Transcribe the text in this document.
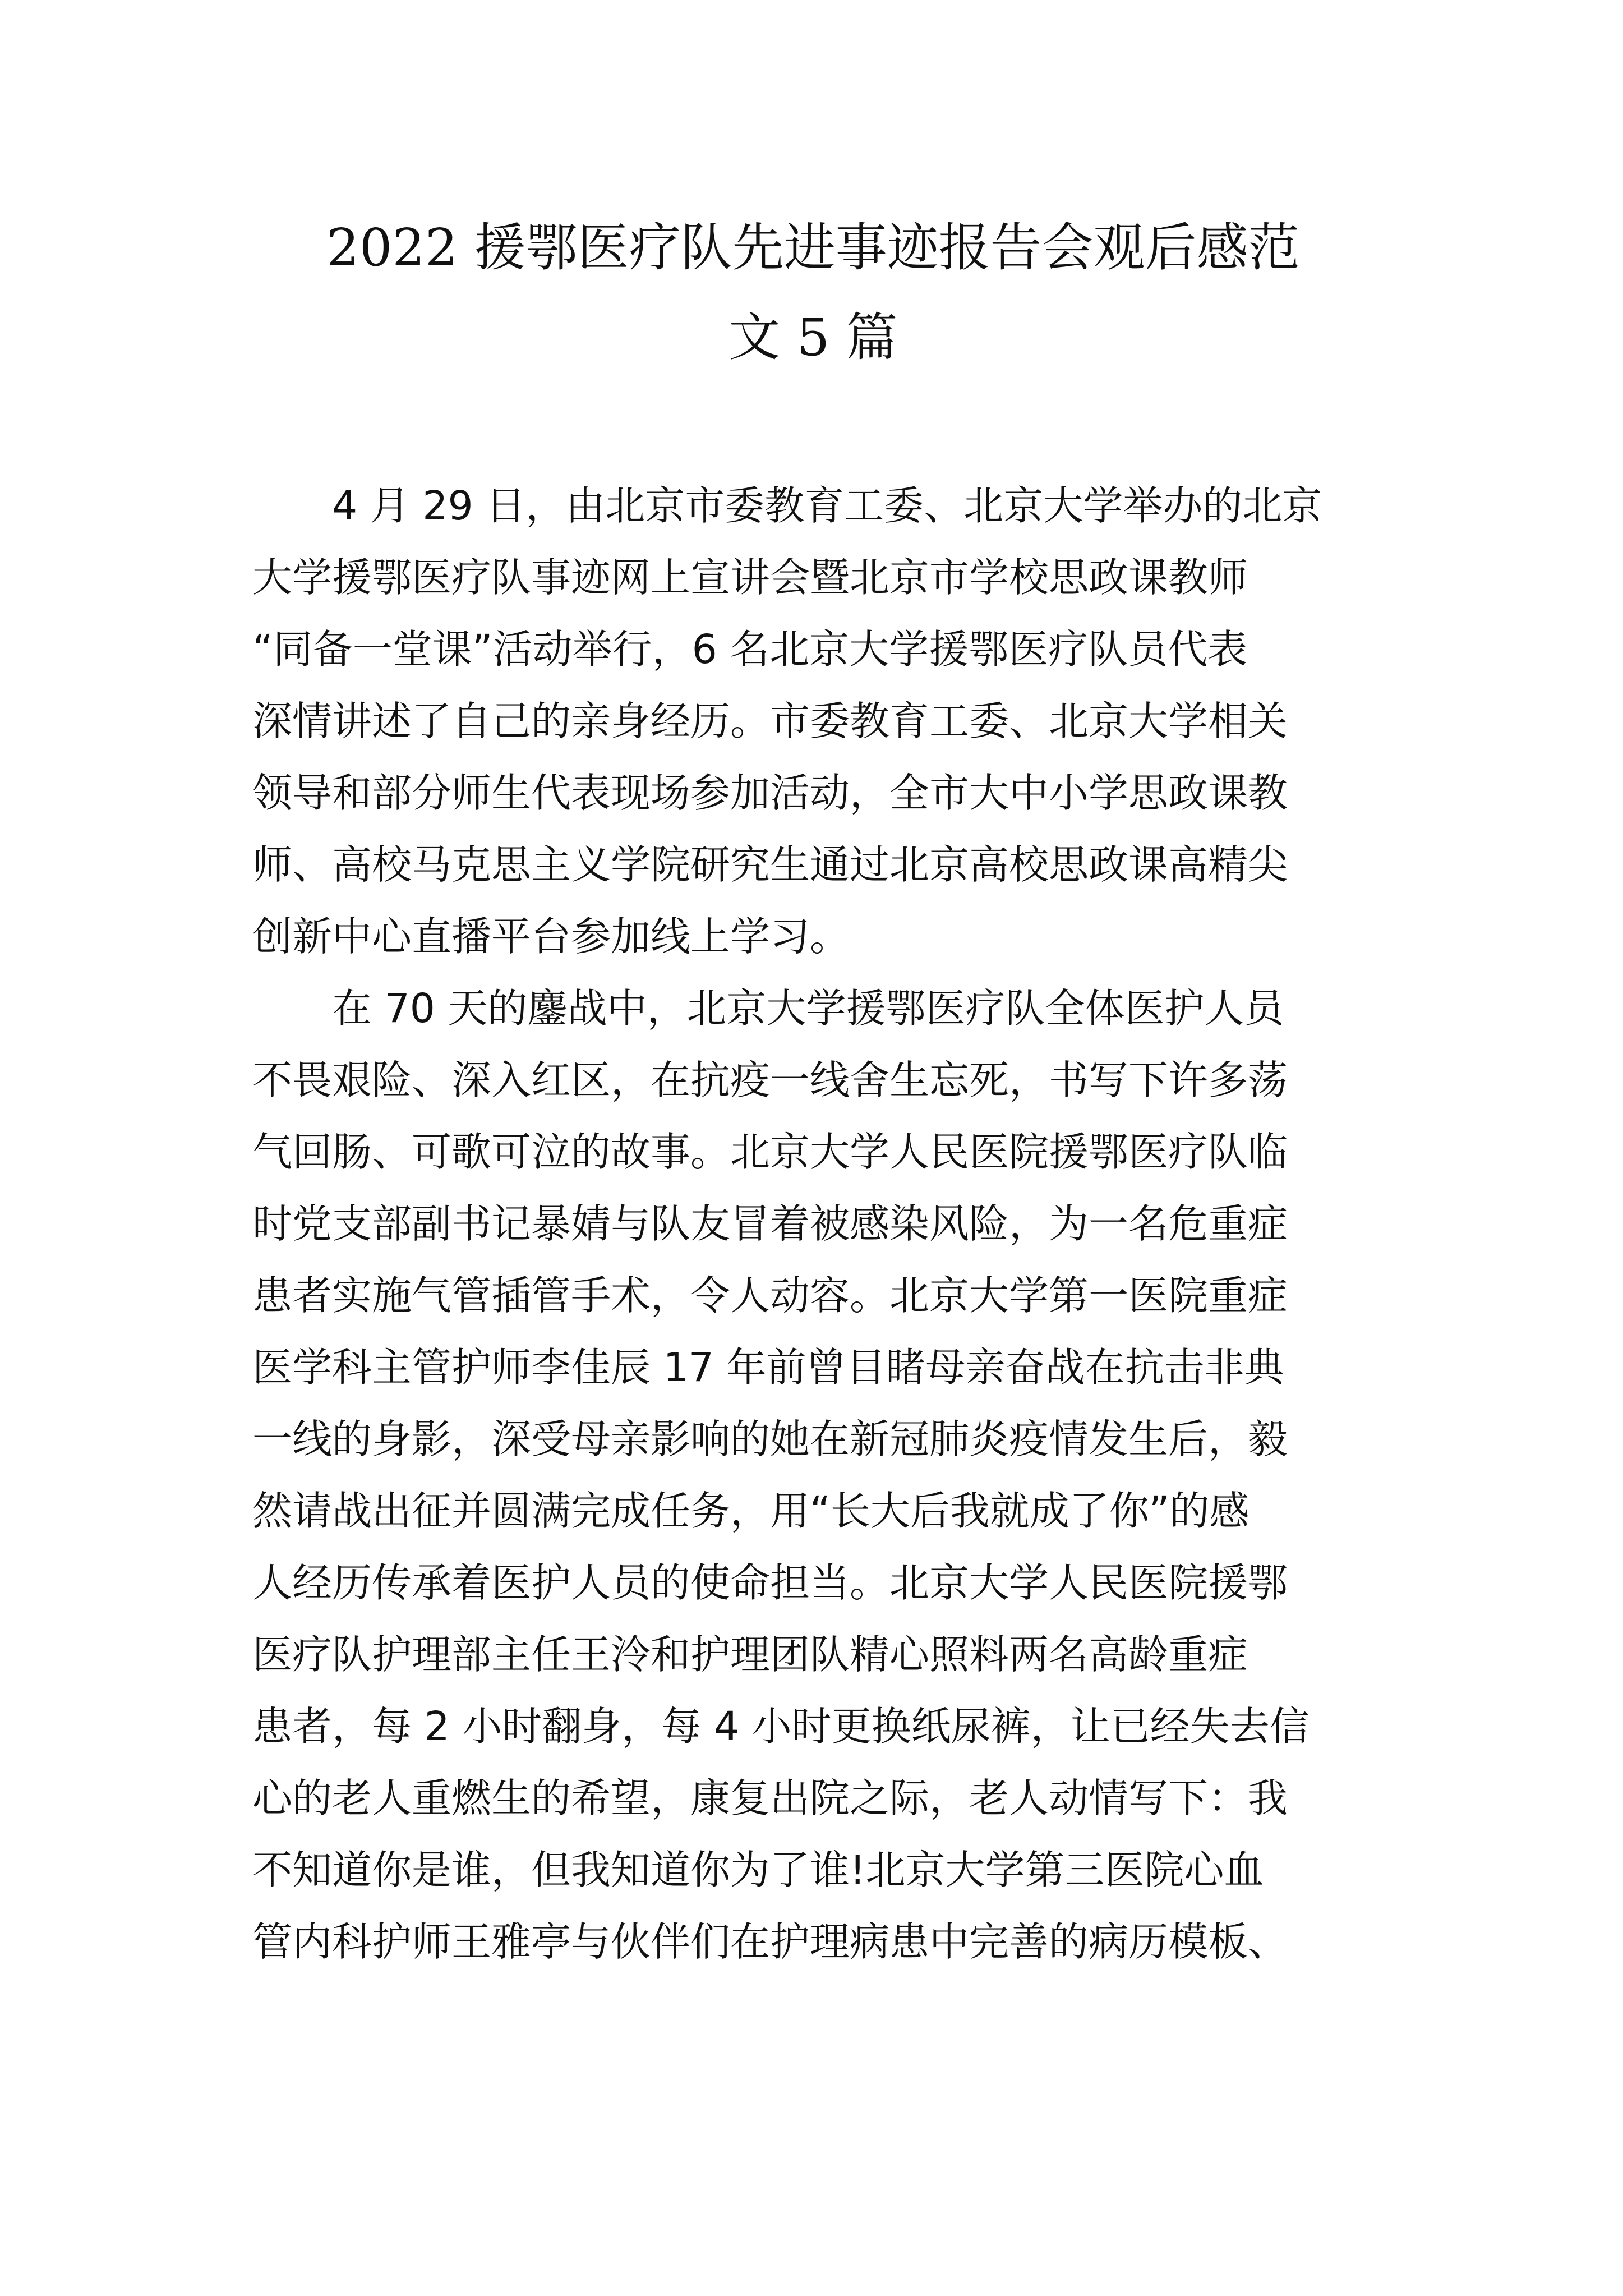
2022 援鄂医疗队先进事迹报告会观后感范
文 5 篇
4 月 29 日，由北京市委教育工委、北京大学举办的北京
大学援鄂医疗队事迹网上宣讲会暨北京市学校思政课教师
“同备一堂课”活动举行，6 名北京大学援鄂医疗队员代表
深情讲述了自己的亲身经历。市委教育工委、北京大学相关
领导和部分师生代表现场参加活动，全市大中小学思政课教
师、高校马克思主义学院研究生通过北京高校思政课高精尖
创新中心直播平台参加线上学习。
在 70 天的鏖战中，北京大学援鄂医疗队全体医护人员
不畏艰险、深入红区，在抗疫一线舍生忘死，书写下许多荡
气回肠、可歌可泣的故事。北京大学人民医院援鄂医疗队临
时党支部副书记暴婧与队友冒着被感染风险，为一名危重症
患者实施气管插管手术，令人动容。北京大学第一医院重症
医学科主管护师李佳辰 17 年前曾目睹母亲奋战在抗击非典
一线的身影，深受母亲影响的她在新冠肺炎疫情发生后，毅
然请战出征并圆满完成任务，用“长大后我就成了你”的感
人经历传承着医护人员的使命担当。北京大学人民医院援鄂
医疗队护理部主任王泠和护理团队精心照料两名高龄重症
患者，每 2 小时翻身，每 4 小时更换纸尿裤，让已经失去信
心的老人重燃生的希望，康复出院之际，老人动情写下：我
不知道你是谁，但我知道你为了谁!北京大学第三医院心血
管内科护师王雅亭与伙伴们在护理病患中完善的病历模板、
